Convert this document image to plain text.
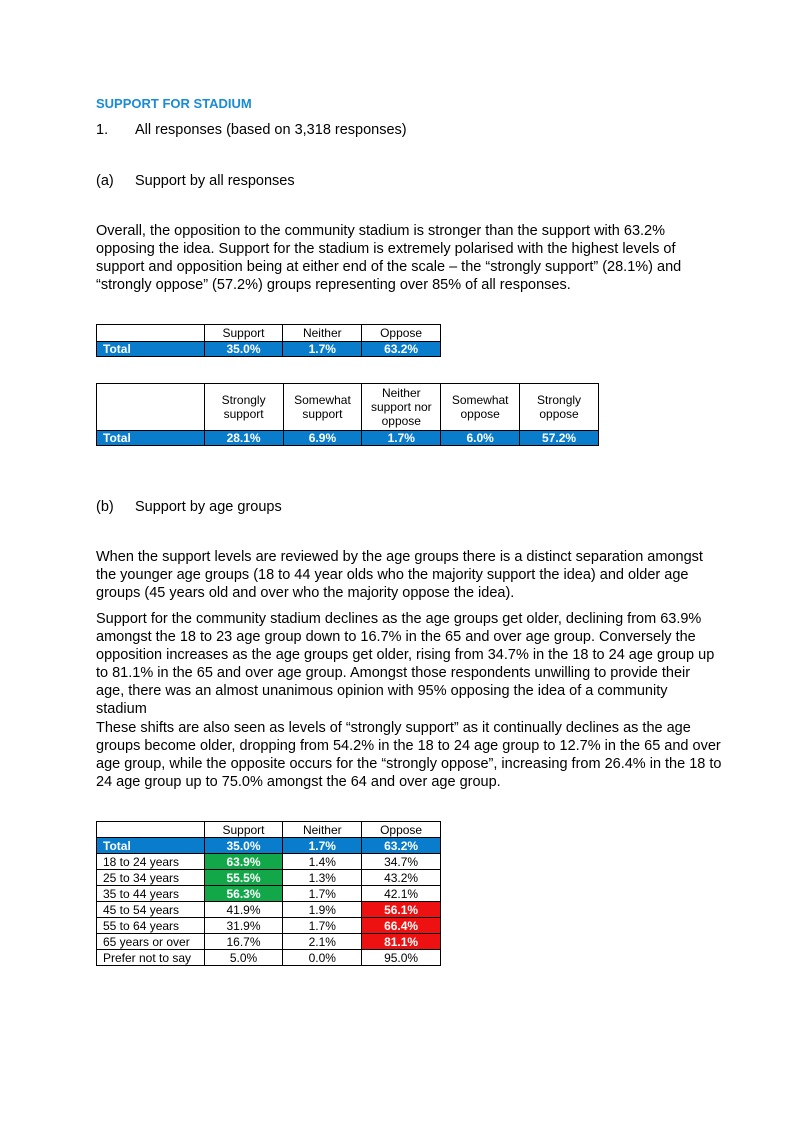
SUPPORT FOR STADIUM
1. All responses (based on 3,318 responses)
(a) Support by all responses

Overall, the opposition to the community stadium is stronger than the support with 63.2% opposing the idea. Support for the stadium is extremely polarised with the highest levels of support and opposition being at either end of the scale – the “strongly support” (28.1%) and “strongly oppose” (57.2%) groups representing over 85% of all responses.

	Support	Neither	Oppose
Total	35.0%	1.7%	63.2%
	Strongly support	Somewhat support	Neither support nor oppose	Somewhat oppose	Strongly oppose
Total	28.1%	6.9%	1.7%	6.0%	57.2%
(b) Support by age groups

When the support levels are reviewed by the age groups there is a distinct separation amongst the younger age groups (18 to 44 year olds who the majority support the idea) and older age groups (45 years old and over who the majority oppose the idea).

Support for the community stadium declines as the age groups get older, declining from 63.9% amongst the 18 to 23 age group down to 16.7% in the 65 and over age group. Conversely the opposition increases as the age groups get older, rising from 34.7% in the 18 to 24 age group up to 81.1% in the 65 and over age group. Amongst those respondents unwilling to provide their age, there was an almost unanimous opinion with 95% opposing the idea of a community stadium

These shifts are also seen as levels of “strongly support” as it continually declines as the age groups become older, dropping from 54.2% in the 18 to 24 age group to 12.7% in the 65 and over age group, while the opposite occurs for the “strongly oppose”, increasing from 26.4% in the 18 to 24 age group up to 75.0% amongst the 64 and over age group.

	Support	Neither	Oppose
Total	35.0%	1.7%	63.2%
18 to 24 years	63.9%	1.4%	34.7%
25 to 34 years	55.5%	1.3%	43.2%
35 to 44 years	56.3%	1.7%	42.1%
45 to 54 years	41.9%	1.9%	56.1%
55 to 64 years	31.9%	1.7%	66.4%
65 years or over	16.7%	2.1%	81.1%
Prefer not to say	5.0%	0.0%	95.0%
